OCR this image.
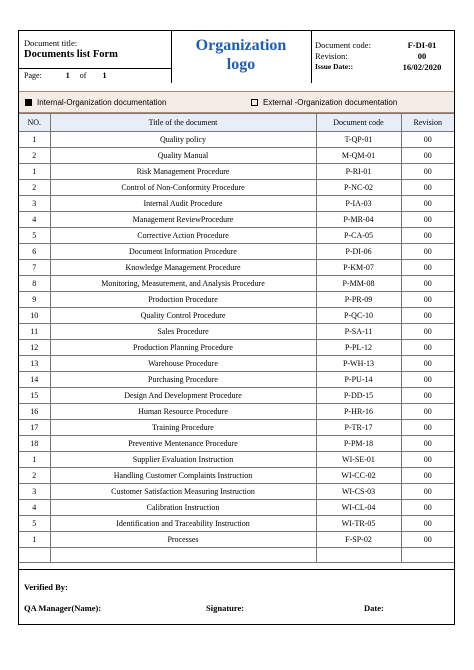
Document title:
Documents list Form
Page:	1 of 1
Organization
logo
Document code:	F-DI-01
Revision:	00
Issue Date::	16/02/2020
Internal-Organization documentation	External -Organization documentation
NO.	Title of the document	Document code	Revision
1	Quality policy	T-QP-01	00
2	Quality Manual	M-QM-01	00
1	Risk Management Procedure	P-RI-01	00
2	Control of Non-Conformity Procedure	P-NC-02	00
3	Internal Audit Procedure	P-IA-03	00
4	Management ReviewProcedure	P-MR-04	00
5	Corrective Action Procedure	P-CA-05	00
6	Document Information Procedure	P-DI-06	00
7	Knowledge Management Procedure	P-KM-07	00
8	Monitoring, Measurement, and Analysis Procedure	P-MM-08	00
9	Production Procedure	P-PR-09	00
10	Quality Control Procedure	P-QC-10	00
11	Sales Procedure	P-SA-11	00
12	Production Planning Procedure	P-PL-12	00
13	Warehouse Procedure	P-WH-13	00
14	Purchasing Procedure	P-PU-14	00
15	Design And Development Procedure	P-DD-15	00
16	Human Resource Procedure	P-HR-16	00
17	Training Procedure	P-TR-17	00
18	Preventive Mentenance Procedure	P-PM-18	00
1	Supplier Evaluation Instruction	WI-SE-01	00
2	Handling Customer Complaints Instruction	WI-CC-02	00
3	Customer Satisfaction Measuring Instruction	WI-CS-03	00
4	Calibration Instruction	WI-CL-04	00
5	Identification and Traceability Instruction	WI-TR-05	00
1	Processes	F-SP-02	00

Verified By:
QA Manager(Name):	Signature:	Date:
